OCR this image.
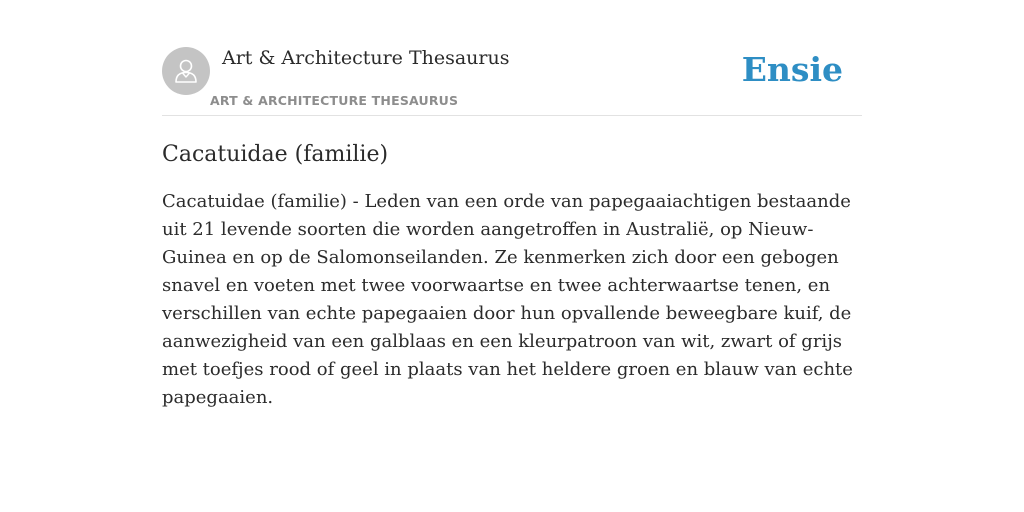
Art & Architecture Thesaurus
ART & ARCHITECTURE THESAURUS
Ensie
Cacatuidae (familie)

Cacatuidae (familie) - Leden van een orde van papegaaiachtigen bestaande uit 21 levende soorten die worden aangetroffen in Australië, op Nieuw-Guinea en op de Salomonseilanden. Ze kenmerken zich door een gebogen snavel en voeten met twee voorwaartse en twee achterwaartse tenen, en verschillen van echte papegaaien door hun opvallende beweegbare kuif, de aanwezigheid van een galblaas en een kleurpatroon van wit, zwart of grijs met toefjes rood of geel in plaats van het heldere groen en blauw van echte papegaaien.
